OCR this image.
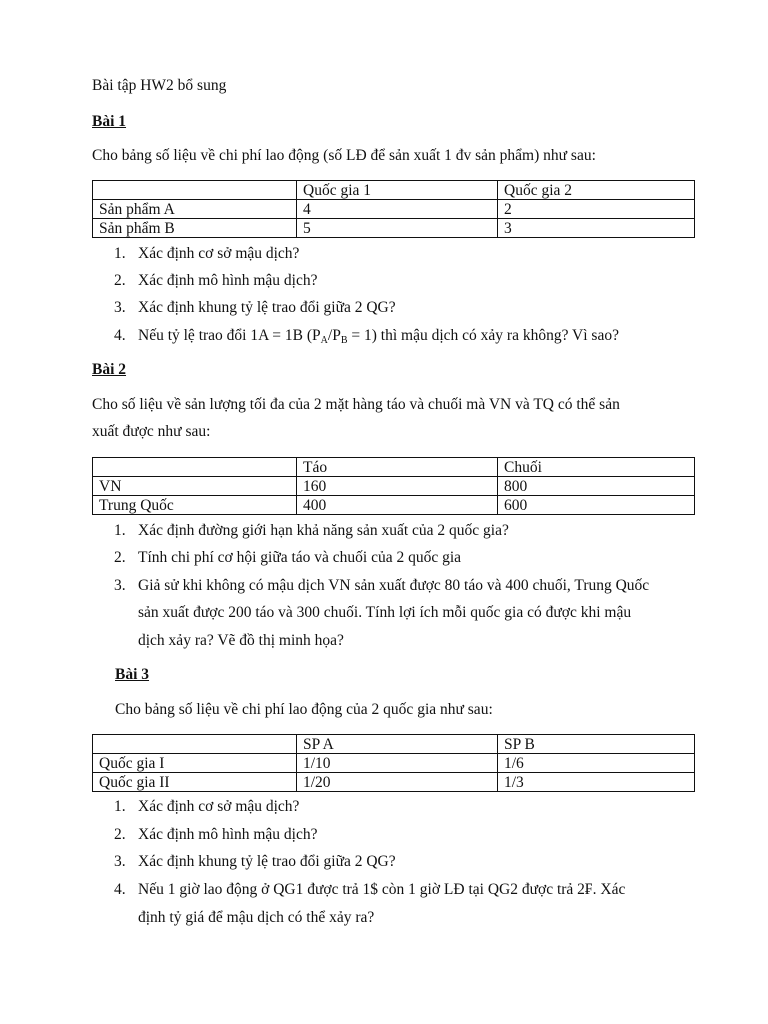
Bài tập HW2 bổ sung
Bài 1
Cho bảng số liệu về chi phí lao động (số LĐ để sản xuất 1 đv sản phẩm) như sau:
	Quốc gia 1	Quốc gia 2
Sản phẩm A	4	2
Sản phẩm B	5	3
1. Xác định cơ sở mậu dịch?
2. Xác định mô hình mậu dịch?
3. Xác định khung tỷ lệ trao đổi giữa 2 QG?
4. Nếu tỷ lệ trao đổi 1A = 1B $(P_A/P_B = 1)$ thì mậu dịch có xảy ra không? Vì sao?
Bài 2
Cho số liệu về sản lượng tối đa của 2 mặt hàng táo và chuối mà VN và TQ có thể sản
xuất được như sau:
	Táo	Chuối
VN	160	800
Trung Quốc	400	600
1. Xác định đường giới hạn khả năng sản xuất của 2 quốc gia?
2. Tính chi phí cơ hội giữa táo và chuối của 2 quốc gia
3. Giả sử khi không có mậu dịch VN sản xuất được 80 táo và 400 chuối, Trung Quốc
sản xuất được 200 táo và 300 chuối. Tính lợi ích mỗi quốc gia có được khi mậu
dịch xảy ra? Vẽ đồ thị minh họa?
Bài 3
Cho bảng số liệu về chi phí lao động của 2 quốc gia như sau:
	SP A	SP B
Quốc gia I	1/10	1/6
Quốc gia II	1/20	1/3
1. Xác định cơ sở mậu dịch?
2. Xác định mô hình mậu dịch?
3. Xác định khung tỷ lệ trao đổi giữa 2 QG?
4. Nếu 1 giờ lao động ở QG1 được trả 1$ còn 1 giờ LĐ tại QG2 được trả 2₣. Xác
định tỷ giá để mậu dịch có thể xảy ra?
